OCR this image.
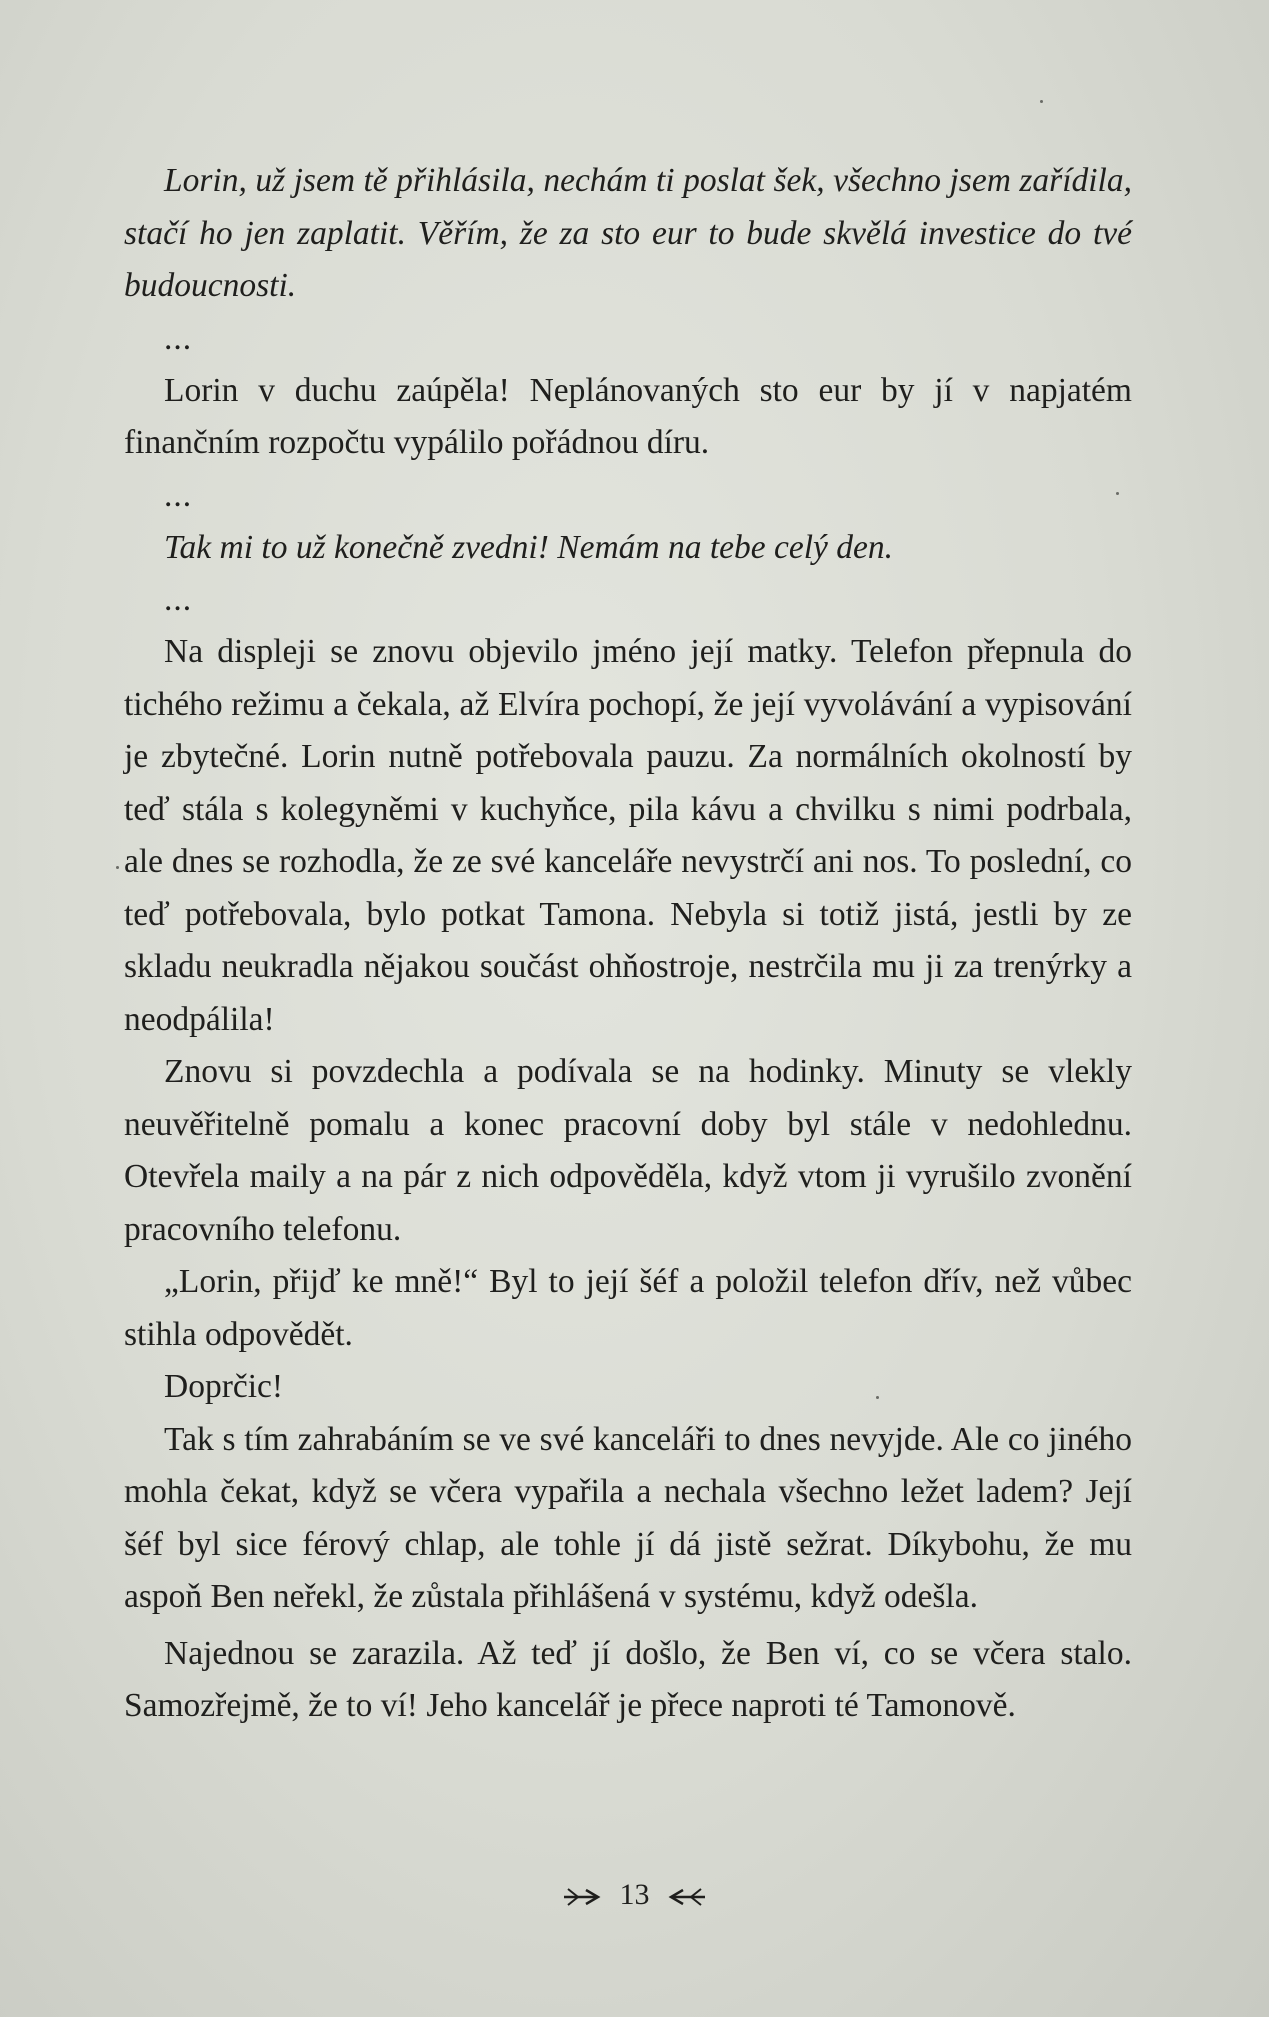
Lorin, už jsem tě přihlásila, nechám ti poslat šek, všechno jsem zařídila, stačí ho jen zaplatit. Věřím, že za sto eur to bude skvělá investice do tvé budoucnosti.

...

Lorin v duchu zaúpěla! Neplánovaných sto eur by jí v napjatém finančním rozpočtu vypálilo pořádnou díru.

...

Tak mi to už konečně zvedni! Nemám na tebe celý den.

...

Na displeji se znovu objevilo jméno její matky. Telefon přepnula do tichého režimu a čekala, až Elvíra pochopí, že její vyvolávání a vypisování je zbytečné. Lorin nutně potřebovala pauzu. Za normálních okolností by teď stála s kolegyněmi v kuchyňce, pila kávu a chvilku s nimi podrbala, ale dnes se rozhodla, že ze své kanceláře nevystrčí ani nos. To poslední, co teď potřebovala, bylo potkat Tamona. Nebyla si totiž jistá, jestli by ze skladu neukradla nějakou součást ohňostroje, nestrčila mu ji za trenýrky a neodpálila!

Znovu si povzdechla a podívala se na hodinky. Minuty se vlekly neuvěřitelně pomalu a konec pracovní doby byl stále v nedohlednu. Otevřela maily a na pár z nich odpověděla, když vtom ji vyrušilo zvonění pracovního telefonu.

„Lorin, přijď ke mně!“ Byl to její šéf a položil telefon dřív, než vůbec stihla odpovědět.

Doprčic!

Tak s tím zahrabáním se ve své kanceláři to dnes nevyjde. Ale co jiného mohla čekat, když se včera vypařila a nechala všechno ležet ladem? Její šéf byl sice férový chlap, ale tohle jí dá jistě sežrat. Díkybohu, že mu aspoň Ben neřekl, že zůstala přihlášená v systému, když odešla.

Najednou se zarazila. Až teď jí došlo, že Ben ví, co se včera stalo. Samozřejmě, že to ví! Jeho kancelář je přece naproti té Tamonově.

13
